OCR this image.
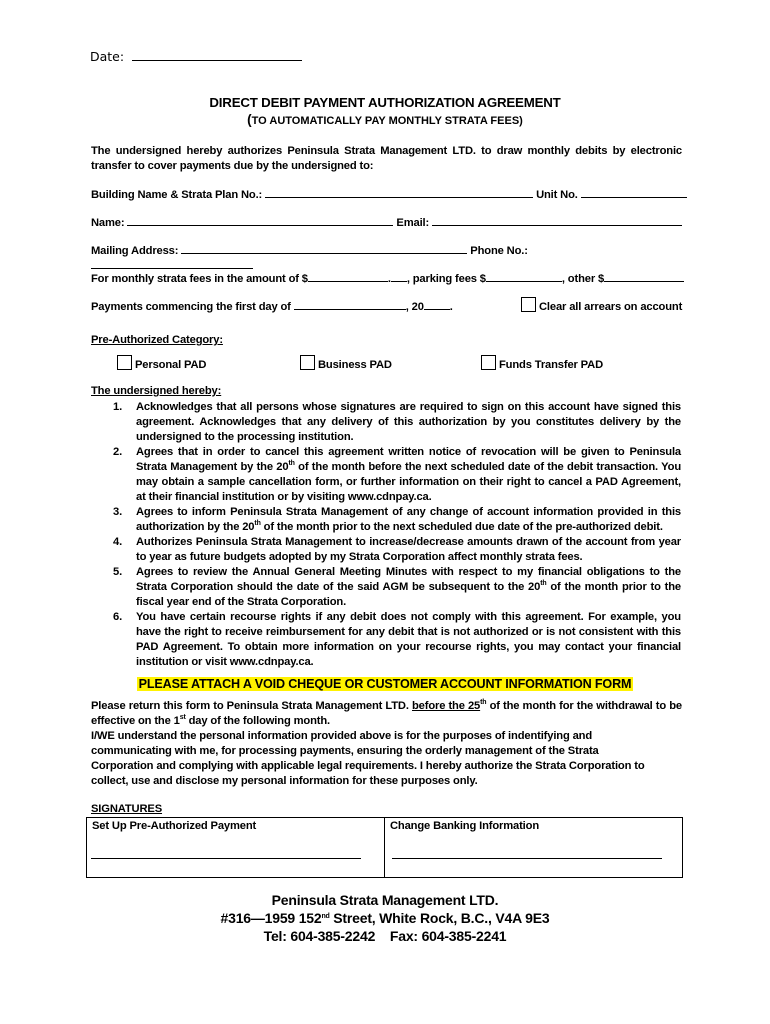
Date:
DIRECT DEBIT PAYMENT AUTHORIZATION AGREEMENT
(TO AUTOMATICALLY PAY MONTHLY STRATA FEES)
The undersigned hereby authorizes Peninsula Strata Management LTD. to draw monthly debits by electronic transfer to cover payments due by the undersigned to:
Building Name & Strata Plan No.:	Unit No.
Name:	Email:
Mailing Address:	Phone No.:
For monthly strata fees in the amount of $	. , parking fees $	, other $
Payments commencing the first day of	, 20 .	Clear all arrears on account
Pre-Authorized Category:
Personal PAD	Business PAD	Funds Transfer PAD
The undersigned hereby:
1. Acknowledges that all persons whose signatures are required to sign on this account have signed this agreement. Acknowledges that any delivery of this authorization by you constitutes delivery by the undersigned to the processing institution.
2. Agrees that in order to cancel this agreement written notice of revocation will be given to Peninsula Strata Management by the 20th of the month before the next scheduled date of the debit transaction. You may obtain a sample cancellation form, or further information on their right to cancel a PAD Agreement, at their financial institution or by visiting www.cdnpay.ca.
3. Agrees to inform Peninsula Strata Management of any change of account information provided in this authorization by the 20th of the month prior to the next scheduled due date of the pre-authorized debit.
4. Authorizes Peninsula Strata Management to increase/decrease amounts drawn of the account from year to year as future budgets adopted by my Strata Corporation affect monthly strata fees.
5. Agrees to review the Annual General Meeting Minutes with respect to my financial obligations to the Strata Corporation should the date of the said AGM be subsequent to the 20th of the month prior to the fiscal year end of the Strata Corporation.
6. You have certain recourse rights if any debit does not comply with this agreement. For example, you have the right to receive reimbursement for any debit that is not authorized or is not consistent with this PAD Agreement. To obtain more information on your recourse rights, you may contact your financial institution or visit www.cdnpay.ca.
PLEASE ATTACH A VOID CHEQUE OR CUSTOMER ACCOUNT INFORMATION FORM
Please return this form to Peninsula Strata Management LTD. before the 25th of the month for the withdrawal to be effective on the 1st day of the following month.
I/WE understand the personal information provided above is for the purposes of indentifying and communicating with me, for processing payments, ensuring the orderly management of the Strata Corporation and complying with applicable legal requirements. I hereby authorize the Strata Corporation to collect, use and disclose my personal information for these purposes only.
SIGNATURES
Set Up Pre-Authorized Payment	Change Banking Information
Peninsula Strata Management LTD.
#316—1959 152nd Street, White Rock, B.C., V4A 9E3
Tel: 604-385-2242    Fax: 604-385-2241
